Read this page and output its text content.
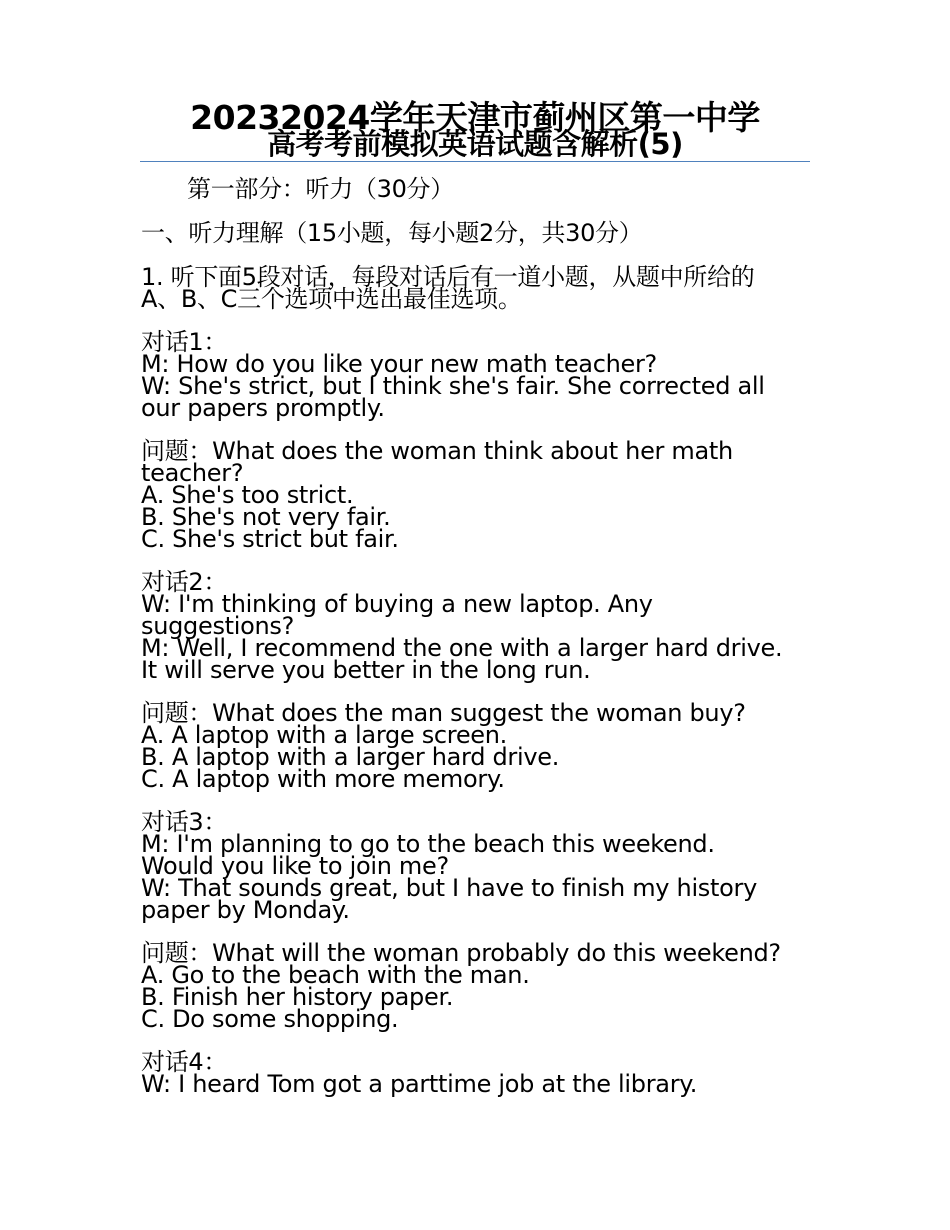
20232024学年天津市蓟州区第一中学
高考考前模拟英语试题含解析(5)
第一部分：听力（30分）
一、听力理解（15小题，每小题2分，共30分）
1. 听下面5段对话，每段对话后有一道小题，从题中所给的
A、B、C三个选项中选出最佳选项。
对话1：
M: How do you like your new math teacher?
W: She's strict, but I think she's fair. She corrected all
our papers promptly.
问题：What does the woman think about her math
teacher?
A. She's too strict.
B. She's not very fair.
C. She's strict but fair.
对话2：
W: I'm thinking of buying a new laptop. Any
suggestions?
M: Well, I recommend the one with a larger hard drive.
It will serve you better in the long run.
问题：What does the man suggest the woman buy?
A. A laptop with a large screen.
B. A laptop with a larger hard drive.
C. A laptop with more memory.
对话3：
M: I'm planning to go to the beach this weekend.
Would you like to join me?
W: That sounds great, but I have to finish my history
paper by Monday.
问题：What will the woman probably do this weekend?
A. Go to the beach with the man.
B. Finish her history paper.
C. Do some shopping.
对话4：
W: I heard Tom got a parttime job at the library.
